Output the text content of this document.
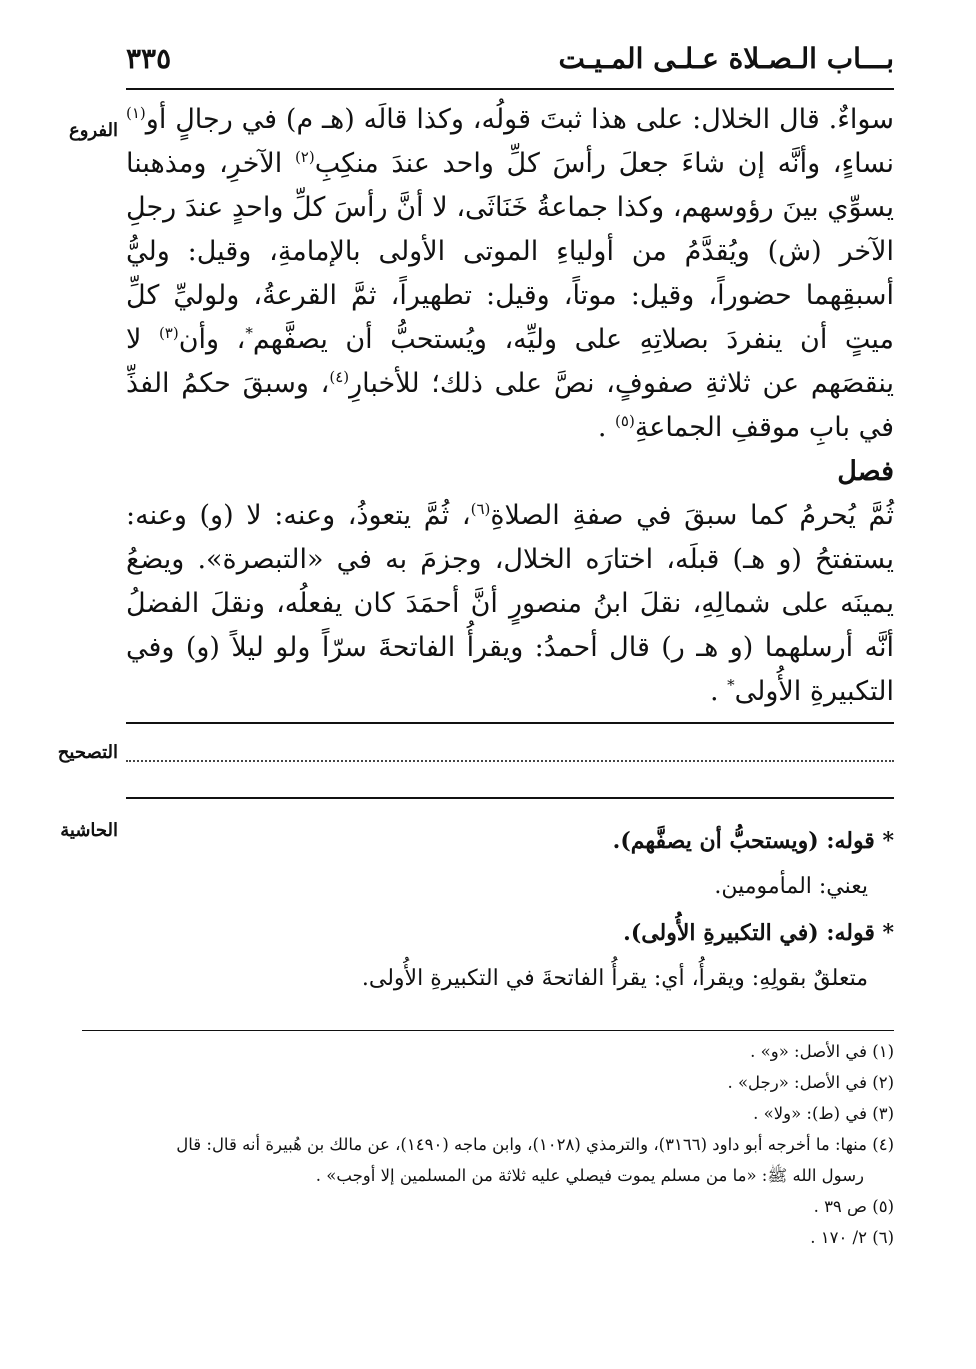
بـــاب الـصـلاة عـلـى المـيـت
٣٣٥
الفروع
التصحيح
الحاشية

سواءٌ. قال الخلال: على هذا ثبتَ قولُه، وكذا قالَه (هـ م) في رجالٍ أو$^{(١)}$ نساءٍ، وأنَّه إن شاءَ جعلَ رأسَ كلِّ واحد عندَ منكِبِ$^{(٢)}$ الآخرِ، ومذهبنا يسوِّي بينَ رؤوسهم، وكذا جماعةُ خَنَاثَى، لا أنَّ رأسَ كلِّ واحدٍ عندَ رجلِ الآخر (ش) ويُقدَّمُ من أولياءِ الموتى الأولى بالإمامةِ، وقيل: وليُّ أسبقِهما حضوراً، وقيل: موتاً، وقيل: تطهيراً، ثمَّ القرعةُ، ولوليِّ كلِّ ميتٍ أن ينفردَ بصلاتِهِ على وليِّه، ويُستحبُّ أن يصفَّهم*، وأن$^{(٣)}$ لا ينقصَهم عن ثلاثةِ صفوفٍ، نصَّ على ذلك؛ للأخبارِ$^{(٤)}$، وسبقَ حكمُ الفذِّ في بابِ موقفِ الجماعةِ$^{(٥)}$ .

فصل

ثُمَّ يُحرمُ كما سبقَ في صفةِ الصلاةِ$^{(٦)}$، ثُمَّ يتعوذُ، وعنه: لا (و) وعنه: يستفتحُ (و هـ) قبلَه، اختارَه الخلال، وجزمَ به في «التبصرة». ويضعُ يمينَه على شمالِهِ، نقلَ ابنُ منصورٍ أنَّ أحمَدَ كان يفعلُه، ونقلَ الفضلُ أنَّه أرسلهما (و هـ ر) قال أحمدُ: ويقرأُ الفاتحةَ سرّاً ولو ليلاً (و) وفي التكبيرةِ الأُولى* .

* قوله: (ويستحبُّ أن يصفَّهم).

يعني: المأمومين.

* قوله: (في التكبيرةِ الأُولى).

متعلقٌ بقولِهِ: ويقرأُ، أي: يقرأُ الفاتحةَ في التكبيرةِ الأُولى.

(١) في الأصل: «و» .

(٢) في الأصل: «رجل» .

(٣) في (ط): «ولا» .

(٤) منها: ما أخرجه أبو داود (٣١٦٦)، والترمذي (١٠٢٨)، وابن ماجه (١٤٩٠)، عن مالك بن هُبيرة أنه قال: قال

رسول الله ﷺ: «ما من مسلم يموت فيصلي عليه ثلاثة من المسلمين إلا أوجب» .

(٥) ص ٣٩ .

(٦) ٢/ ١٧٠ .
